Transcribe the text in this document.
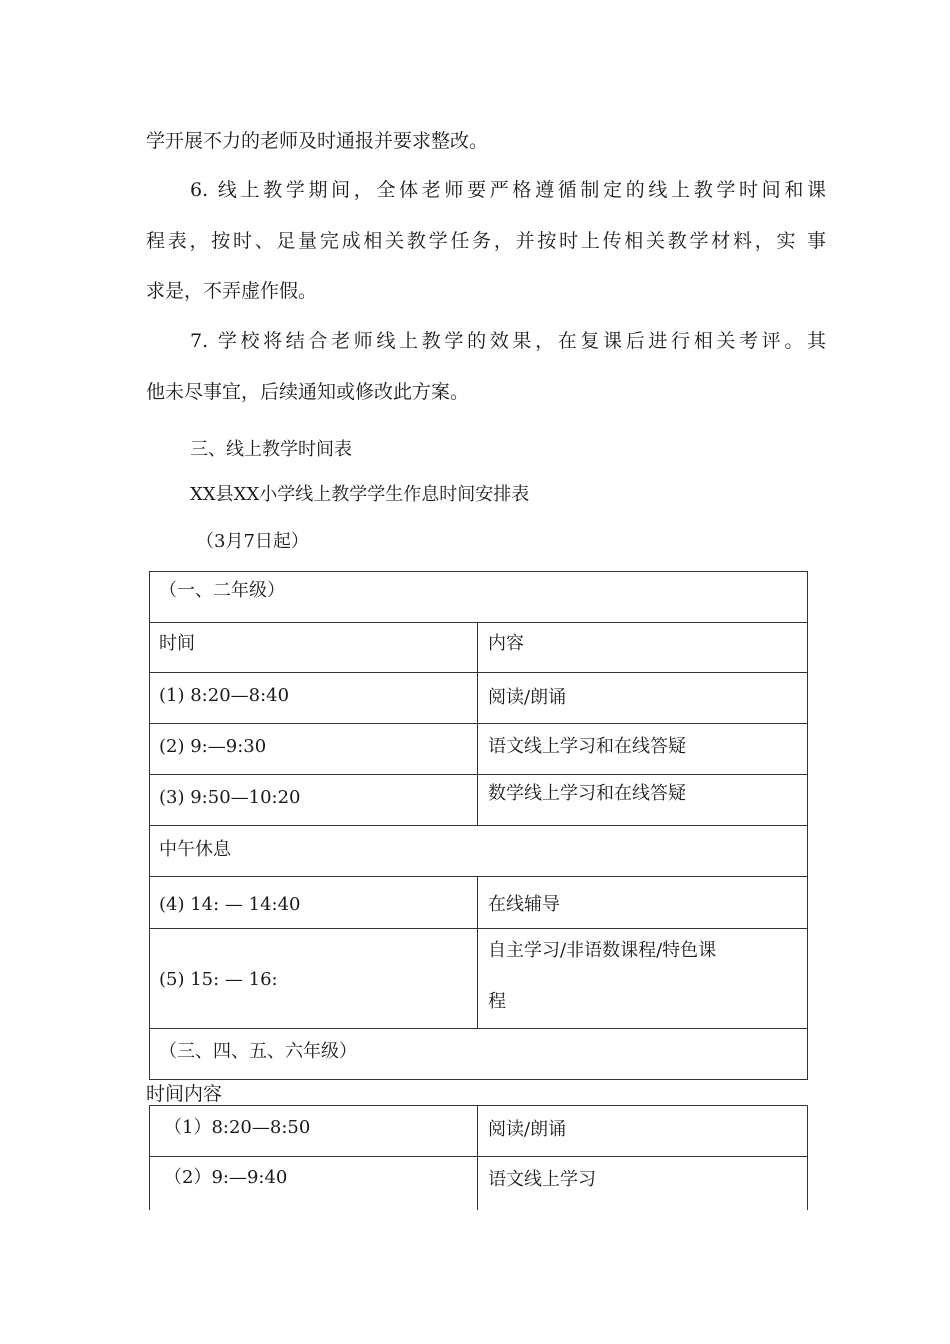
学开展不力的老师及时通报并要求整改。
6. 线上教学期间，全体老师要严格遵循制定的线上教学时间和课
程表，按时、足量完成相关教学任务，并按时上传相关教学材料，实 事
求是，不弄虚作假。
7. 学校将结合老师线上教学的效果，在复课后进行相关考评。其
他未尽事宜，后续通知或修改此方案。
三、线上教学时间表
XX县XX小学线上教学学生作息时间安排表
（3月7日起）
（一、二年级）
时间	内容
(1) 8:20—8:40	阅读/朗诵
(2) 9:—9:30	语文线上学习和在线答疑
(3) 9:50—10:20	数学线上学习和在线答疑
中午休息
(4) 14: — 14:40	在线辅导
(5) 15: — 16:
自主学习/非语数课程/特色课
程
（三、四、五、六年级）
时间内容
（1）8:20—8:50	阅读/朗诵
（2）9:—9:40	语文线上学习
